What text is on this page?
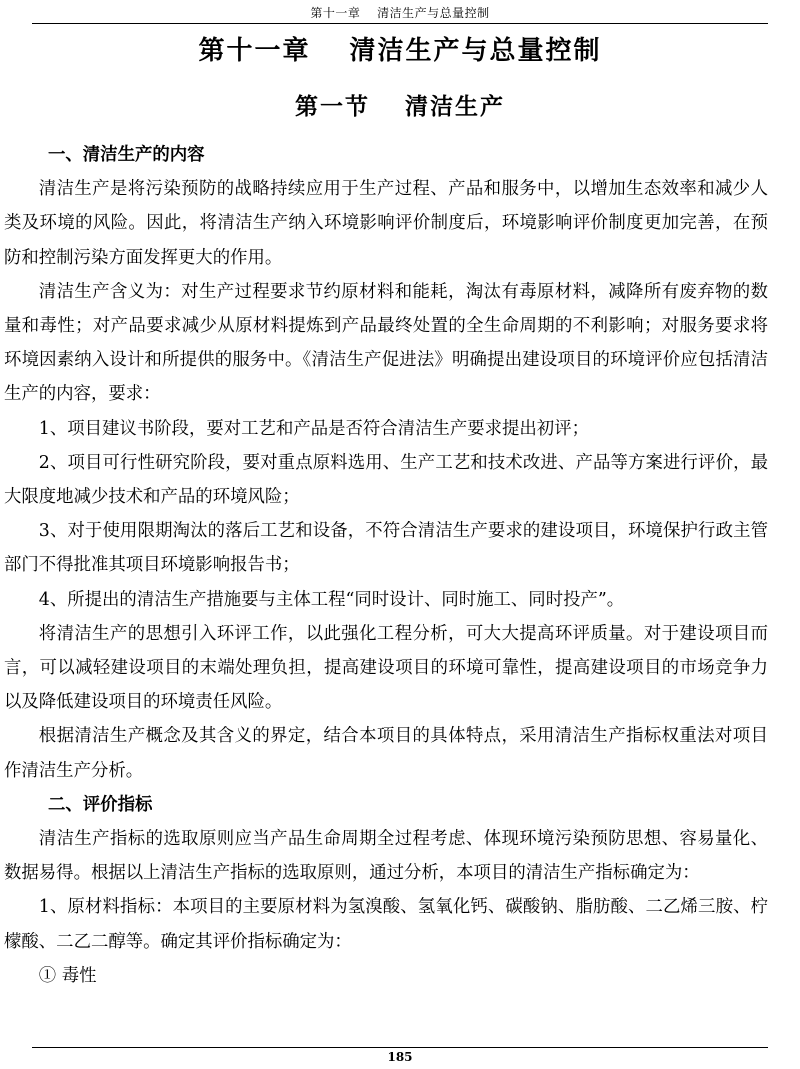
第十一章　 清洁生产与总量控制
第十一章　 清洁生产与总量控制
第一节　 清洁生产

一、清洁生产的内容

清洁生产是将污染预防的战略持续应用于生产过程、产品和服务中，以增加生态效率和减少人类及环境的风险。因此，将清洁生产纳入环境影响评价制度后，环境影响评价制度更加完善，在预防和控制污染方面发挥更大的作用。

清洁生产含义为：对生产过程要求节约原材料和能耗，淘汰有毒原材料，减降所有废弃物的数量和毒性；对产品要求减少从原材料提炼到产品最终处置的全生命周期的不利影响；对服务要求将环境因素纳入设计和所提供的服务中。《清洁生产促进法》明确提出建设项目的环境评价应包括清洁生产的内容，要求：

1、项目建议书阶段，要对工艺和产品是否符合清洁生产要求提出初评；

2、项目可行性研究阶段，要对重点原料选用、生产工艺和技术改进、产品等方案进行评价，最大限度地减少技术和产品的环境风险；

3、对于使用限期淘汰的落后工艺和设备，不符合清洁生产要求的建设项目，环境保护行政主管部门不得批准其项目环境影响报告书；

4、所提出的清洁生产措施要与主体工程“同时设计、同时施工、同时投产”。

将清洁生产的思想引入环评工作，以此强化工程分析，可大大提高环评质量。对于建设项目而言，可以减轻建设项目的末端处理负担，提高建设项目的环境可靠性，提高建设项目的市场竞争力以及降低建设项目的环境责任风险。

根据清洁生产概念及其含义的界定，结合本项目的具体特点，采用清洁生产指标权重法对项目作清洁生产分析。

二、评价指标

清洁生产指标的选取原则应当产品生命周期全过程考虑、体现环境污染预防思想、容易量化、数据易得。根据以上清洁生产指标的选取原则，通过分析，本项目的清洁生产指标确定为：

1、原材料指标：本项目的主要原材料为氢溴酸、氢氧化钙、碳酸钠、脂肪酸、二乙烯三胺、柠檬酸、二乙二醇等。确定其评价指标确定为：

① 毒性

185
